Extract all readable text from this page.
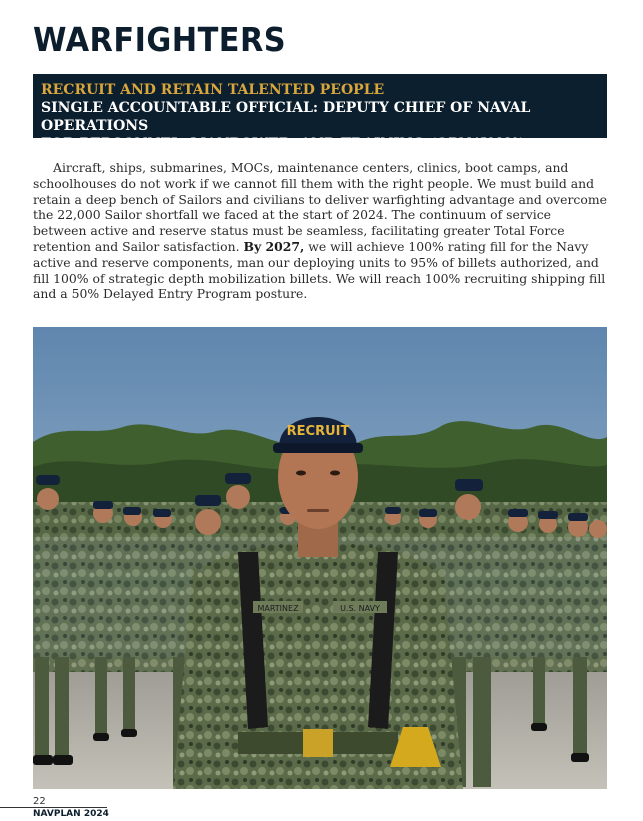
WARFIGHTERS
RECRUIT AND RETAIN TALENTED PEOPLE
SINGLE ACCOUNTABLE OFFICIAL: DEPUTY CHIEF OF NAVAL OPERATIONS
FOR PERSONNEL, MANPOWER, AND TRAINING (OPNAV N1)

Aircraft, ships, submarines, MOCs, maintenance centers, clinics, boot camps, and schoolhouses do not work if we cannot fill them with the right people. We must build and retain a deep bench of Sailors and civilians to deliver warfighting advantage and overcome the 22,000 Sailor shortfall we faced at the start of 2024. The continuum of service between active and reserve status must be seamless, facilitating greater Total Force retention and Sailor satisfaction. By 2027, we will achieve 100% rating fill for the Navy active and reserve components, man our deploying units to 95% of billets authorized, and fill 100% of strategic depth mobilization billets. We will reach 100% recruiting shipping fill and a 50% Delayed Entry Program posture.

RECRUIT
MARTINEZ	U.S. NAVY
22
NAVPLAN 2024
